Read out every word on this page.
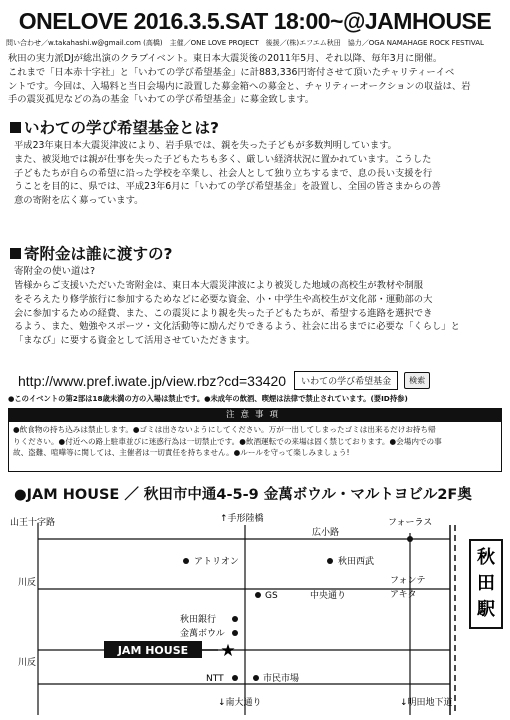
ONELOVE 2016.3.5.SAT 18:00~@JAMHOUSE
問い合わせ／w.takahashi.w@gmail.com (高橋)　主催／ONE LOVE PROJECT　後援／(株)エフエム秋田　協力／OGA NAMAHAGE ROCK FESTIVAL
秋田の実力派DJが総出演のクラブイベント。東日本大震災後の2011年5月、それ以降、毎年3月に開催。
これまで「日本赤十字社」と「いわての学び希望基金」に計883,336円寄付させて頂いたチャリティーイベ
ントです。今回は、入場料と当日会場内に設置した募金箱への募金と、チャリティーオークションの収益は、岩
手の震災孤児などの為の基金「いわての学び希望基金」に募金致します。
いわての学び希望基金とは?
平成23年東日本大震災津波により、岩手県では、親を失った子どもが多数判明しています。
また、被災地では親が仕事を失った子どもたちも多く、厳しい経済状況に置かれています。こうした
子どもたちが自らの希望に沿った学校を卒業し、社会人として独り立ちするまで、息の長い支援を行
うことを目的に、県では、平成23年6月に「いわての学び希望基金」を設置し、全国の皆さまからの善
意の寄附を広く募っています。
寄附金は誰に渡すの?
寄附金の使い道は?
皆様からご支援いただいた寄附金は、東日本大震災津波により被災した地域の高校生が教材や制服
をそろえたり修学旅行に参加するためなどに必要な資金、小・中学生や高校生が文化部・運動部の大
会に参加するための経費、また、この震災により親を失った子どもたちが、希望する進路を選択でき
るよう、また、勉強やスポーツ・文化活動等に励んだりできるよう、社会に出るまでに必要な「くらし」と
「まなび」に要する資金として活用させていただきます。
http://www.pref.iwate.jp/view.rbz?cd=33420	いわての学び希望基金	検索
●このイベントの第2部は18歳未満の方の入場は禁止です。●未成年の飲酒、喫煙は法律で禁止されています。(要ID持参)
注意事項
●飲食物の持ち込みは禁止します。●ゴミは出さないようにしてください。万が一出してしまったゴミは出来るだけお持ち帰
りください。●付近への路上駐車並びに迷惑行為は一切禁止です。●飲酒運転での来場は固く禁じております。●会場内での事
故、盗難、喧嘩等に関しては、主催者は一切責任を持ちません。●ルールを守って楽しみましょう!
●JAM HOUSE ／ 秋田市中通4-5-9 金萬ボウル・マルトヨビル2F奥
山王十字路
川反
川反
↑手形陸橋
広小路
フォーラス
秋
田
駅
アトリオン	秋田西武
フォンテ
アキタ
GS	中央通り
秋田銀行
金萬ボウル
JAM HOUSE ★
NTT	市民市場
↓南大通り	↓明田地下道
